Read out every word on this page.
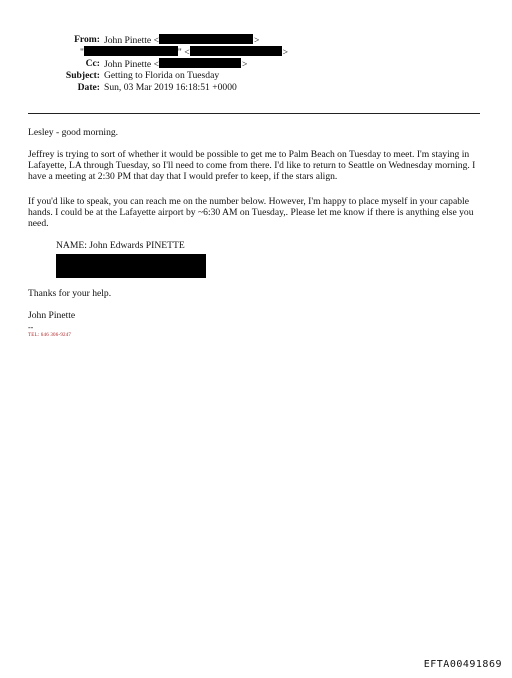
From: John Pinette <	>
"	" <	>
Cc: John Pinette <	>
Subject: Getting to Florida on Tuesday
Date: Sun, 03 Mar 2019 16:18:51 +0000

Lesley - good morning.

Jeffrey is trying to sort of whether it would be possible to get me to Palm Beach on Tuesday to meet. I'm staying in Lafayette, LA through Tuesday, so I'll need to come from there. I'd like to return to Seattle on Wednesday morning. I have a meeting at 2:30 PM that day that I would prefer to keep, if the stars align.

If you'd like to speak, you can reach me on the number below. However, I'm happy to place myself in your capable hands. I could be at the Lafayette airport by ~6:30 AM on Tuesday,. Please let me know if there is anything else you need.

NAME: John Edwards PINETTE

Thanks for your help.

John Pinette

--

TEL: 646 306-9247
EFTA00491869
